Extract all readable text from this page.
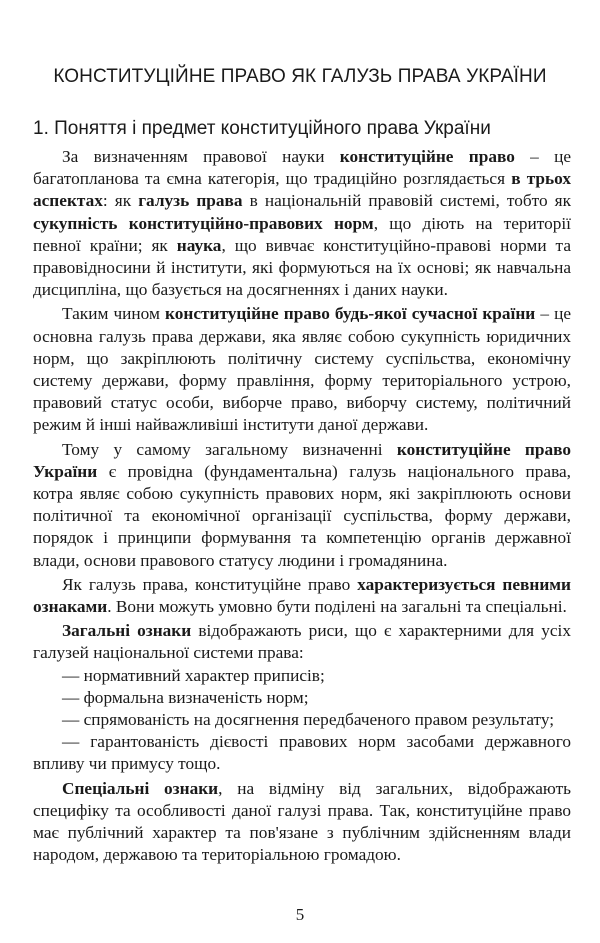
КОНСТИТУЦІЙНЕ ПРАВО ЯК ГАЛУЗЬ ПРАВА УКРАЇНИ
1. Поняття і предмет конституційного права України

За визначенням правової науки конституційне право – це багатопланова та ємна категорія, що традиційно розглядається в трьох аспектах: як галузь права в національній правовій системі, тобто як сукупність конституційно-правових норм, що діють на території певної країни; як наука, що вивчає конституційно-правові норми та правовідносини й інститути, які формуються на їх основі; як навчальна дисципліна, що базується на досягненнях і даних науки.

Таким чином конституційне право будь-якої сучасної країни – це основна галузь права держави, яка являє собою сукупність юридичних норм, що закріплюють політичну систему суспільства, економічну систему держави, форму правління, форму територіального устрою, правовий статус особи, виборче право, виборчу систему, політичний режим й інші найважливіші інститути даної держави.

Тому у самому загальному визначенні конституційне право України є провідна (фундаментальна) галузь національного права, котра являє собою сукупність правових норм, які закріплюють основи політичної та економічної організації суспільства, форму держави, порядок і принципи формування та компетенцію органів державної влади, основи правового статусу людини і громадянина.

Як галузь права, конституційне право характеризується певними ознаками. Вони можуть умовно бути поділені на загальні та спеціальні.

Загальні ознаки відображають риси, що є характерними для усіх галузей національної системи права:

— нормативний характер приписів;

— формальна визначеність норм;

— спрямованість на досягнення передбаченого правом результату;

— гарантованість дієвості правових норм засобами державного впливу чи примусу тощо.

Спеціальні ознаки, на відміну від загальних, відображають специфіку та особливості даної галузі права. Так, конституційне право має публічний характер та пов'язане з публічним здійсненням влади народом, державою та територіальною громадою.

5
